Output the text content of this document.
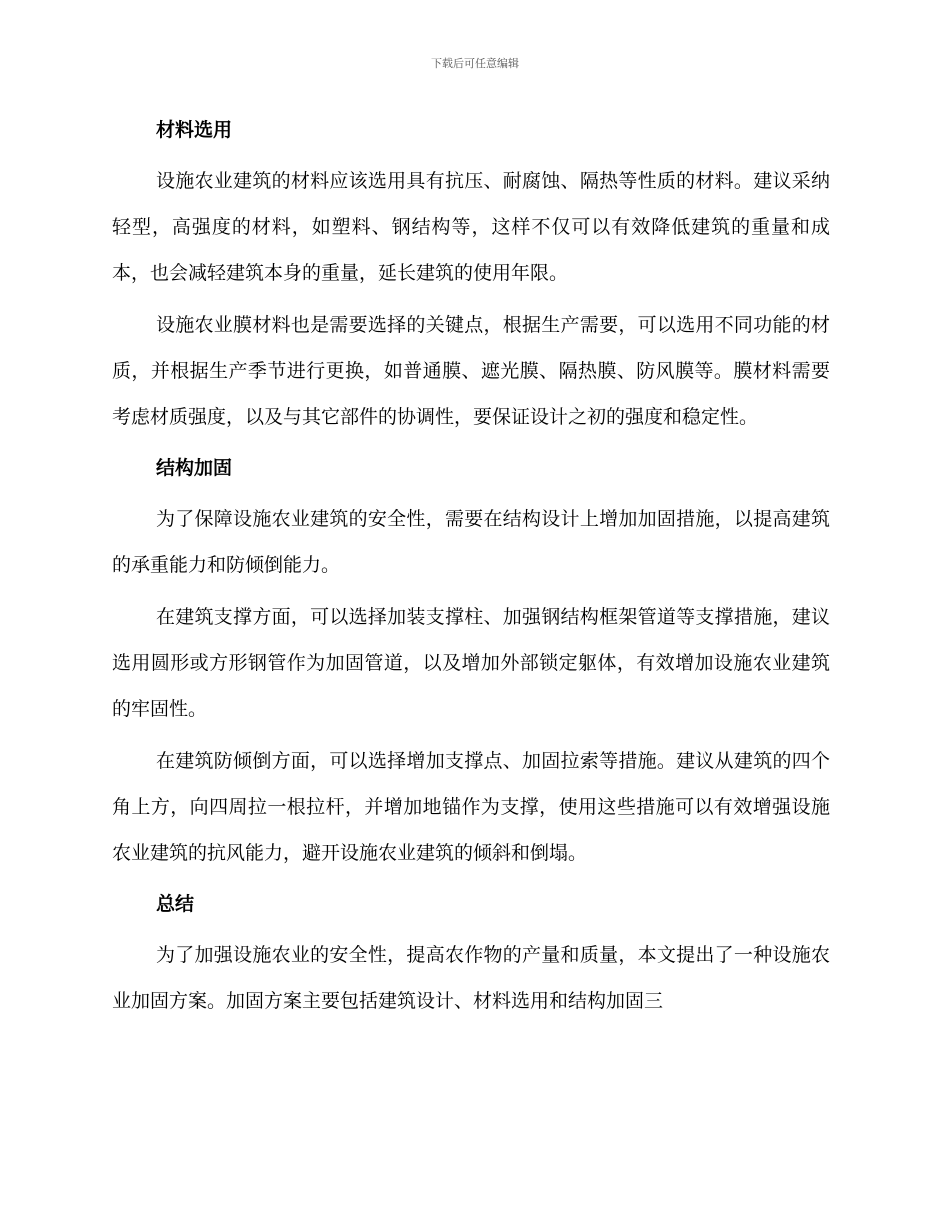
下载后可任意编辑
材料选用

设施农业建筑的材料应该选用具有抗压、耐腐蚀、隔热等性质的材料。建议采纳轻型，高强度的材料，如塑料、钢结构等，这样不仅可以有效降低建筑的重量和成本，也会减轻建筑本身的重量，延长建筑的使用年限。

设施农业膜材料也是需要选择的关键点，根据生产需要，可以选用不同功能的材质，并根据生产季节进行更换，如普通膜、遮光膜、隔热膜、防风膜等。膜材料需要考虑材质强度，以及与其它部件的协调性，要保证设计之初的强度和稳定性。

结构加固

为了保障设施农业建筑的安全性，需要在结构设计上增加加固措施，以提高建筑的承重能力和防倾倒能力。

在建筑支撑方面，可以选择加装支撑柱、加强钢结构框架管道等支撑措施，建议选用圆形或方形钢管作为加固管道，以及增加外部锁定躯体，有效增加设施农业建筑的牢固性。

在建筑防倾倒方面，可以选择增加支撑点、加固拉索等措施。建议从建筑的四个角上方，向四周拉一根拉杆，并增加地锚作为支撑，使用这些措施可以有效增强设施农业建筑的抗风能力，避开设施农业建筑的倾斜和倒塌。

总结

为了加强设施农业的安全性，提高农作物的产量和质量，本文提出了一种设施农业加固方案。加固方案主要包括建筑设计、材料选用和结构加固三
